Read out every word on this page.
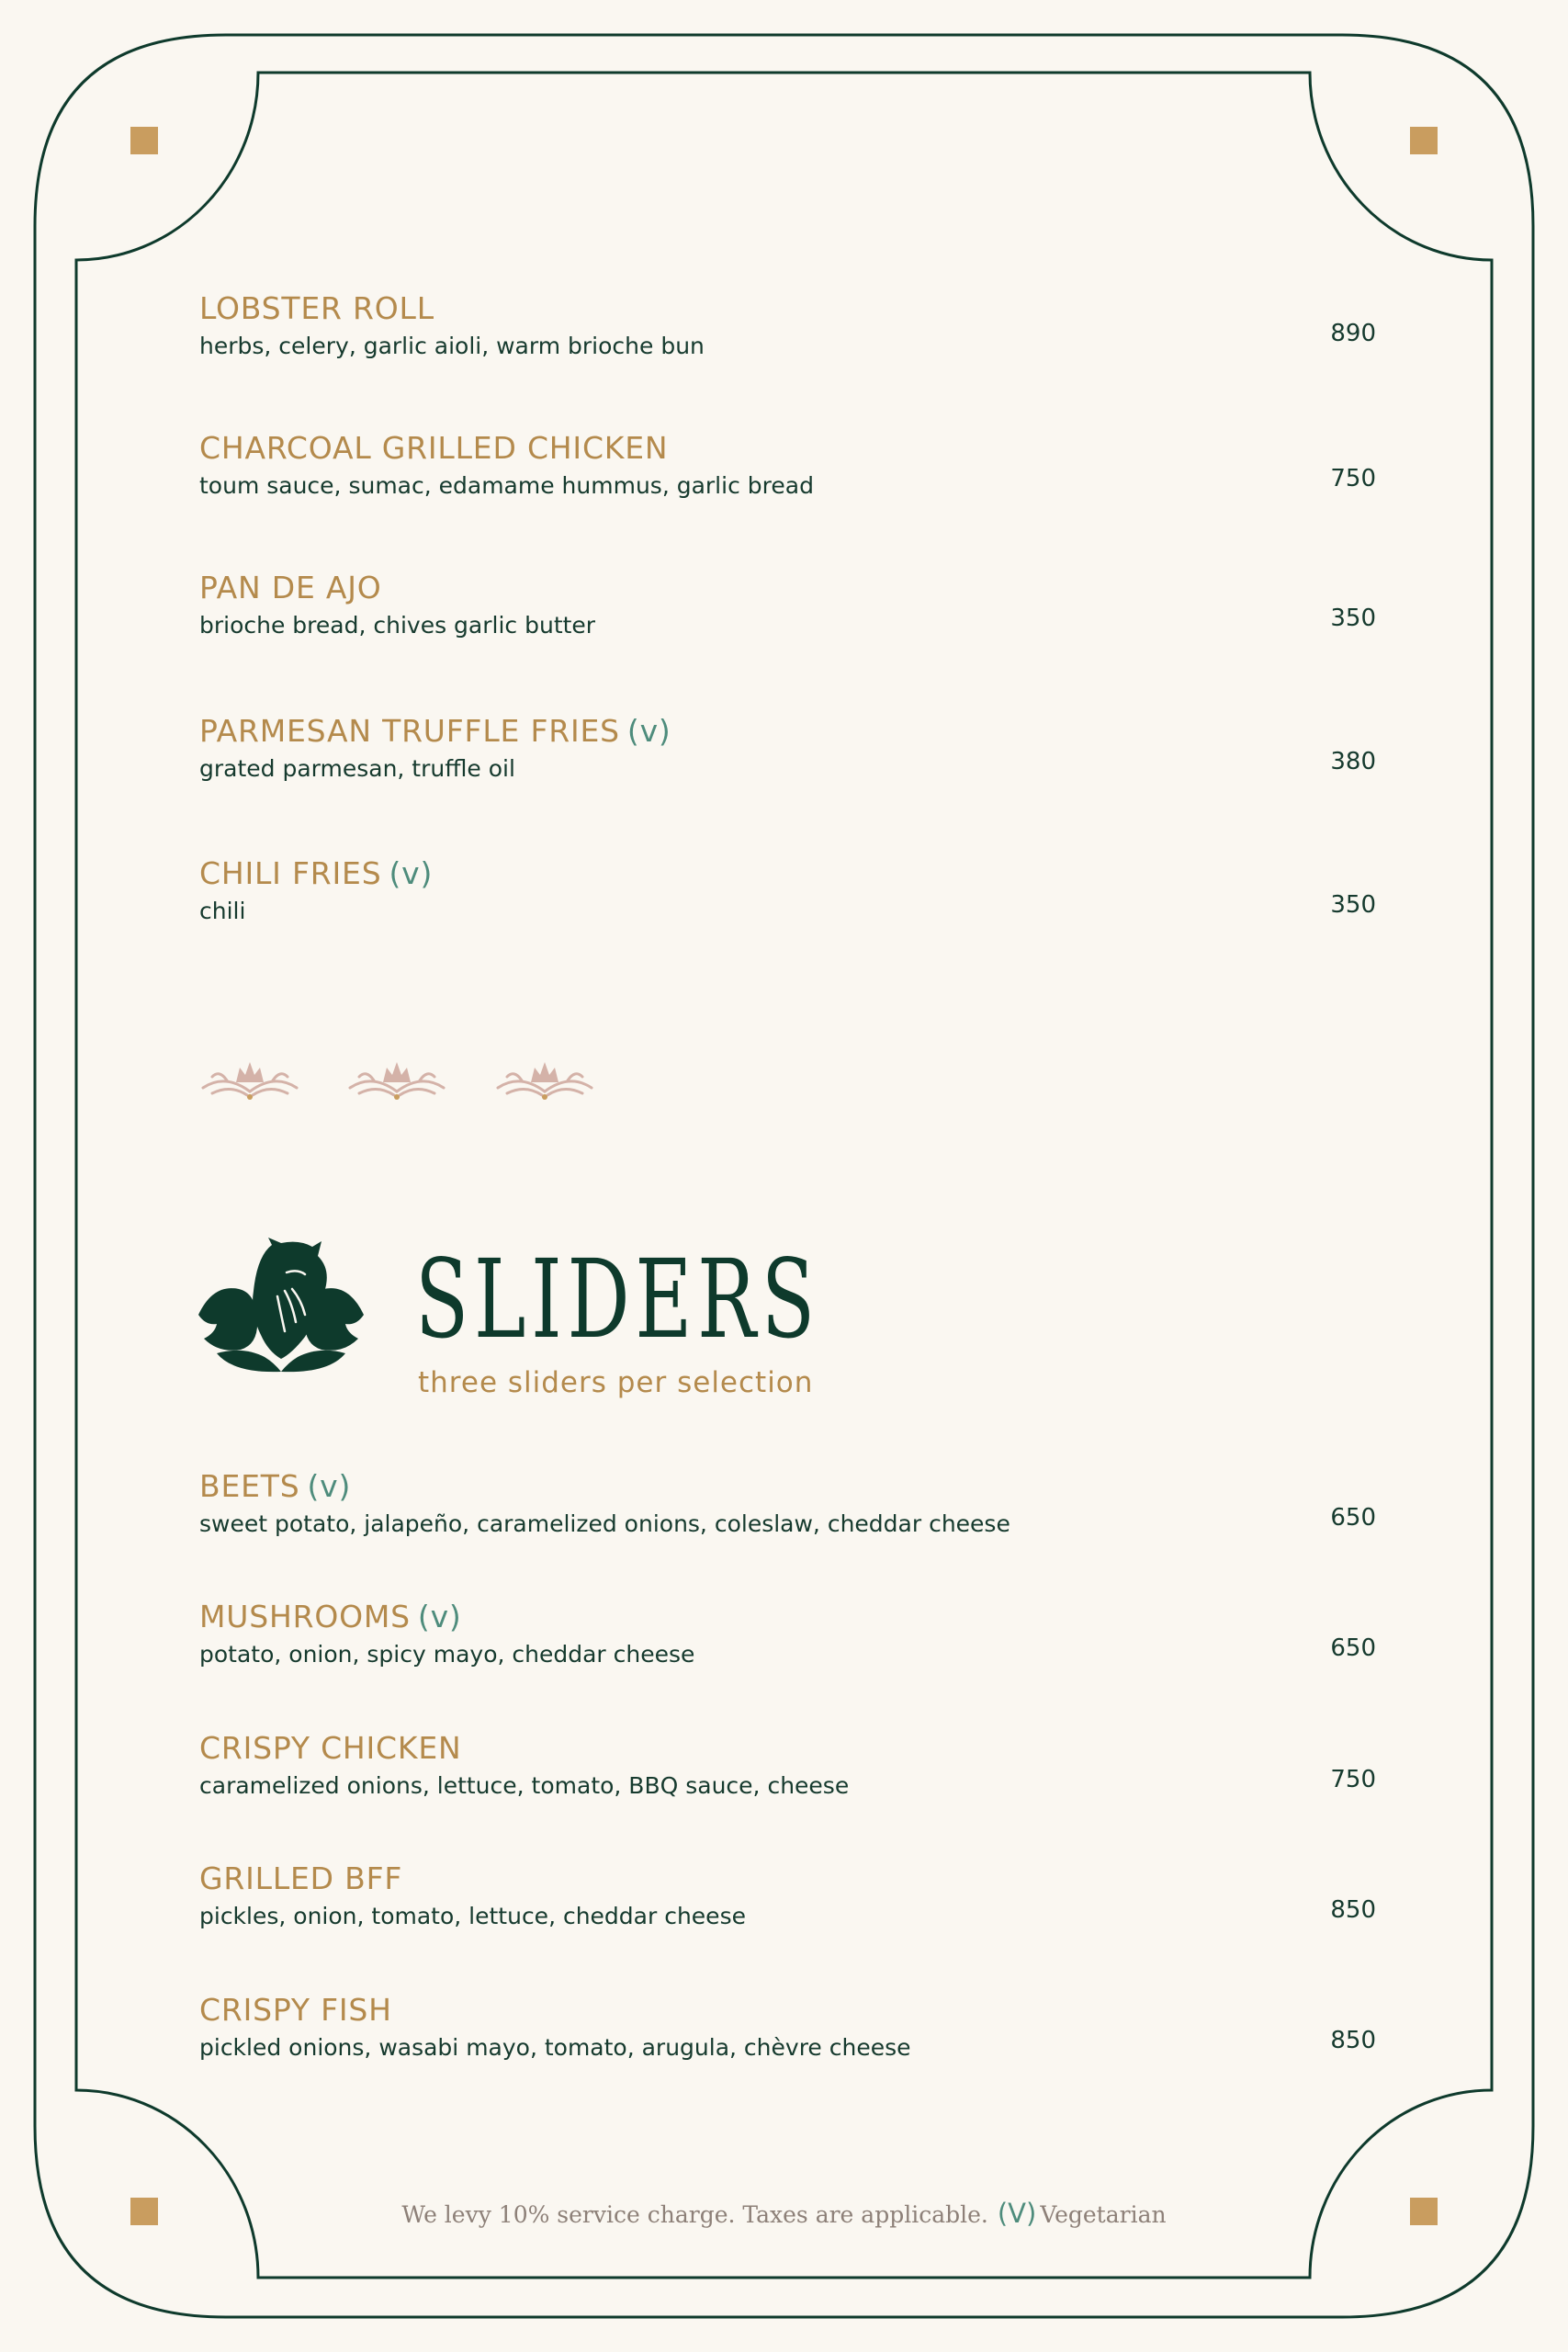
LOBSTER ROLL
herbs, celery, garlic aioli, warm brioche bun	890
CHARCOAL GRILLED CHICKEN
toum sauce, sumac, edamame hummus, garlic bread	750
PAN DE AJO
brioche bread, chives garlic butter	350
PARMESAN TRUFFLE FRIES (v)
grated parmesan, truffle oil	380
CHILI FRIES (v)
chili	350

SLIDERS
three sliders per selection
BEETS (v)
sweet potato, jalapeño, caramelized onions, coleslaw, cheddar cheese	650
MUSHROOMS (v)
potato, onion, spicy mayo, cheddar cheese	650
CRISPY CHICKEN
caramelized onions, lettuce, tomato, BBQ sauce, cheese	750
GRILLED BFF
pickles, onion, tomato, lettuce, cheddar cheese	850
CRISPY FISH
pickled onions, wasabi mayo, tomato, arugula, chèvre cheese	850
We levy 10% service charge. Taxes are applicable. (V) Vegetarian
